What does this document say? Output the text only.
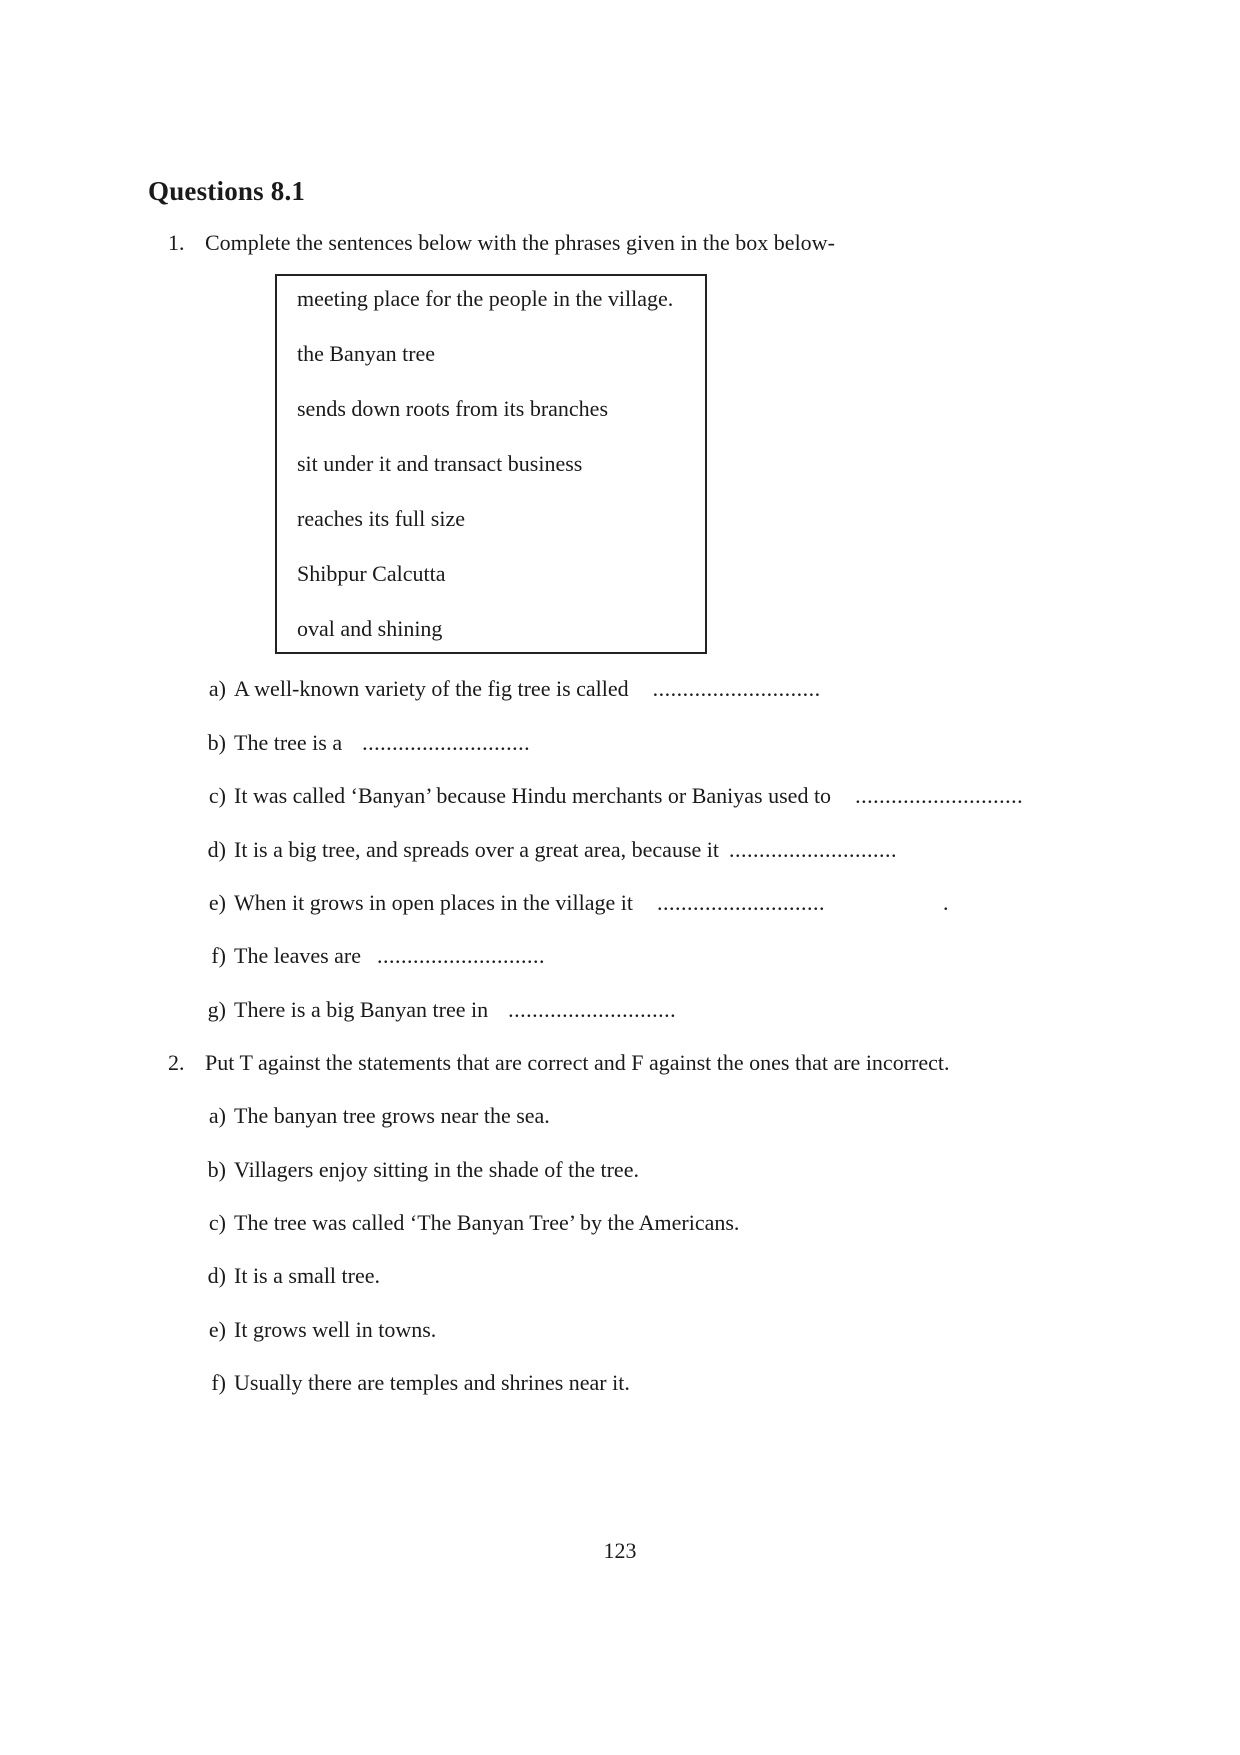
Questions 8.1
1. Complete the sentences below with the phrases given in the box below-
meeting place for the people in the village.
the Banyan tree
sends down roots from its branches
sit under it and transact business
reaches its full size
Shibpur Calcutta
oval and shining
a) A well-known variety of the fig tree is called ............................
b) The tree is a ............................
c) It was called ‘Banyan’ because Hindu merchants or Baniyas used to ............................
d) It is a big tree, and spreads over a great area, because it ............................
e) When it grows in open places in the village it ............................	.
f) The leaves are ............................
g) There is a big Banyan tree in ............................
2. Put T against the statements that are correct and F against the ones that are incorrect.
a) The banyan tree grows near the sea.
b) Villagers enjoy sitting in the shade of the tree.
c) The tree was called ‘The Banyan Tree’ by the Americans.
d) It is a small tree.
e) It grows well in towns.
f) Usually there are temples and shrines near it.
123
